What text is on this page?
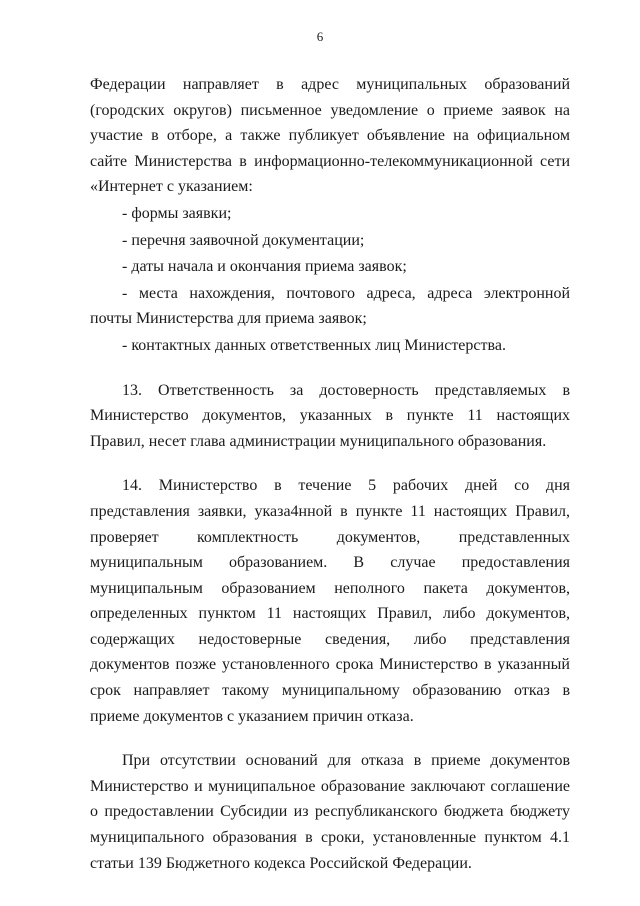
6

Федерации направляет в адрес муниципальных образований (городских округов) письменное уведомление о приеме заявок на участие в отборе, а также публикует объявление на официальном сайте Министерства в информационно-телекоммуникационной сети «Интернет с указанием:

- формы заявки;

- перечня заявочной документации;

- даты начала и окончания приема заявок;

- места нахождения, почтового адреса, адреса электронной почты Министерства для приема заявок;

- контактных данных ответственных лиц Министерства.

13. Ответственность за достоверность представляемых в Министерство документов, указанных в пункте 11 настоящих Правил, несет глава администрации муниципального образования.

14. Министерство в течение 5 рабочих дней со дня представления заявки, указа4нной в пункте 11 настоящих Правил, проверяет комплектность документов, представленных муниципальным образованием. В случае предоставления муниципальным образованием неполного пакета документов, определенных пунктом 11 настоящих Правил, либо документов, содержащих недостоверные сведения, либо представления документов позже установленного срока Министерство в указанный срок направляет такому муниципальному образованию отказ в приеме документов с указанием причин отказа.

При отсутствии оснований для отказа в приеме документов Министерство и муниципальное образование заключают соглашение о предоставлении Субсидии из республиканского бюджета бюджету муниципального образования в сроки, установленные пунктом 4.1 статьи 139 Бюджетного кодекса Российской Федерации.
